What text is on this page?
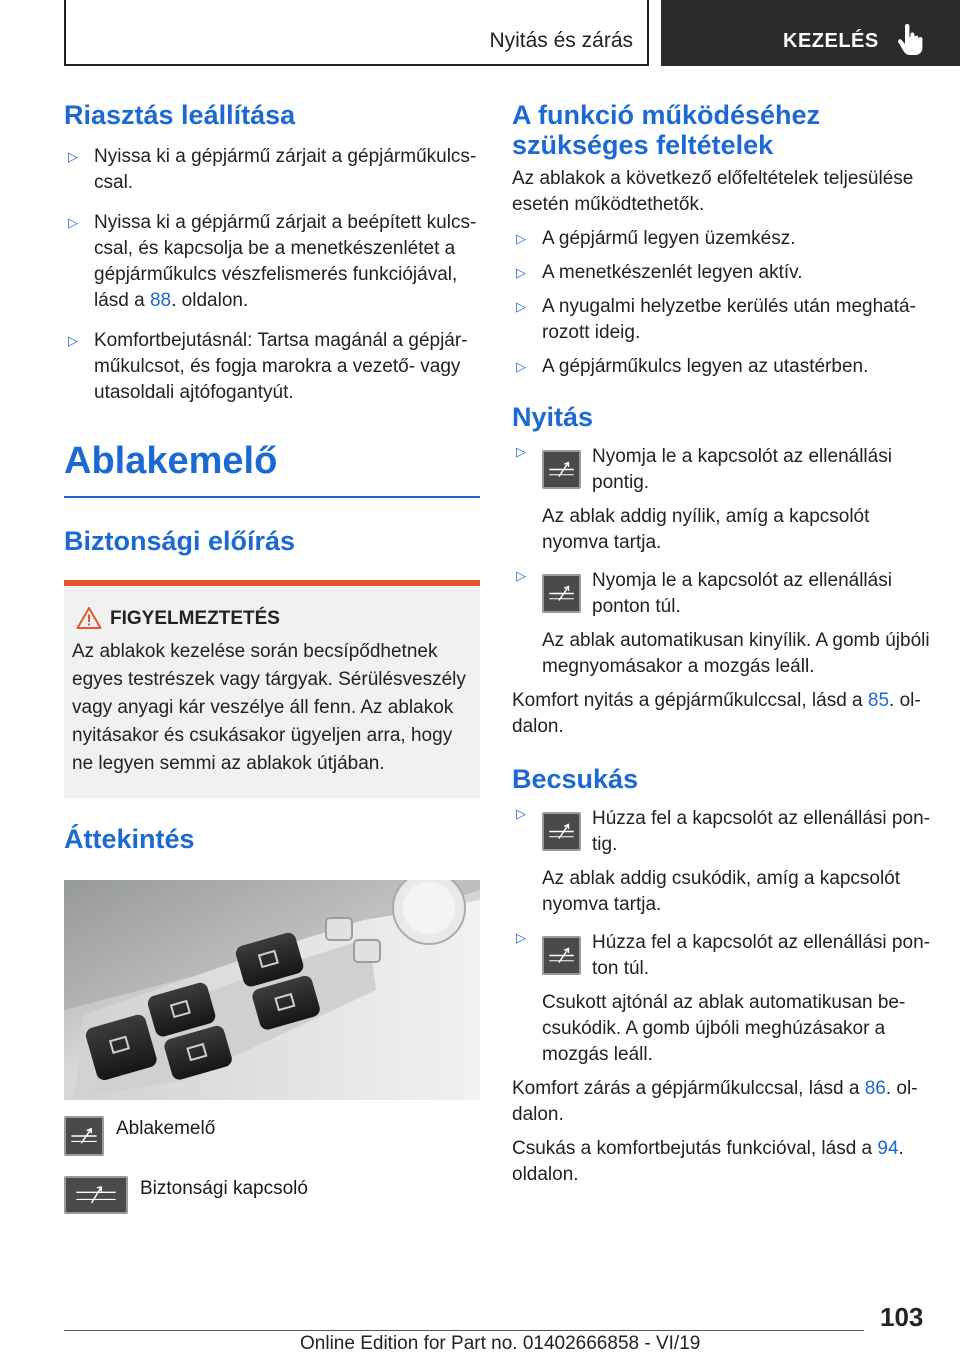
Nyitás és zárás	KEZELÉS
Riasztás leállítása
▷ Nyissa ki a gépjármű zárjait a gépjárműkulcscsal.
▷ Nyissa ki a gépjármű zárjait a beépített kulcscsal, és kapcsolja be a menetkészenlétet a gépjárműkulcs vészfelismerés funkciójával, lásd a 88. oldalon.
▷ Komfortbejutásnál: Tartsa magánál a gépjárműkulcsot, és fogja marokra a vezető- vagy utasoldali ajtófogantyút.
Ablakemelő
Biztonsági előírás
FIGYELMEZTETÉS

Az ablakok kezelése során becsípődhetnek egyes testrészek vagy tárgyak. Sérülésveszély vagy anyagi kár veszélye áll fenn. Az ablakok nyitásakor és csukásakor ügyeljen arra, hogy ne legyen semmi az ablakok útjában.

Áttekintés
Ablakemelő
Biztonsági kapcsoló
A funkció működéséhez szükséges feltételek

Az ablakok a következő előfeltételek teljesülése esetén működtethetők.

▷ A gépjármű legyen üzemkész.
▷ A menetkészenlét legyen aktív.
▷ A nyugalmi helyzetbe kerülés után meghatározott ideig.
▷ A gépjárműkulcs legyen az utastérben.
Nyitás
▷ Nyomja le a kapcsolót az ellenállási pontig.
Az ablak addig nyílik, amíg a kapcsolót nyomva tartja.
▷ Nyomja le a kapcsolót az ellenállási ponton túl.
Az ablak automatikusan kinyílik. A gomb újbóli megnyomásakor a mozgás leáll.

Komfort nyitás a gépjárműkulccsal, lásd a 85. oldalon.

Becsukás
▷ Húzza fel a kapcsolót az ellenállási pontig.
Az ablak addig csukódik, amíg a kapcsolót nyomva tartja.
▷ Húzza fel a kapcsolót az ellenállási ponton túl.
Csukott ajtónál az ablak automatikusan becsukódik. A gomb újbóli meghúzásakor a mozgás leáll.

Komfort zárás a gépjárműkulccsal, lásd a 86. oldalon.

Csukás a komfortbejutás funkcióval, lásd a 94. oldalon.

103
Online Edition for Part no. 01402666858 - VI/19
